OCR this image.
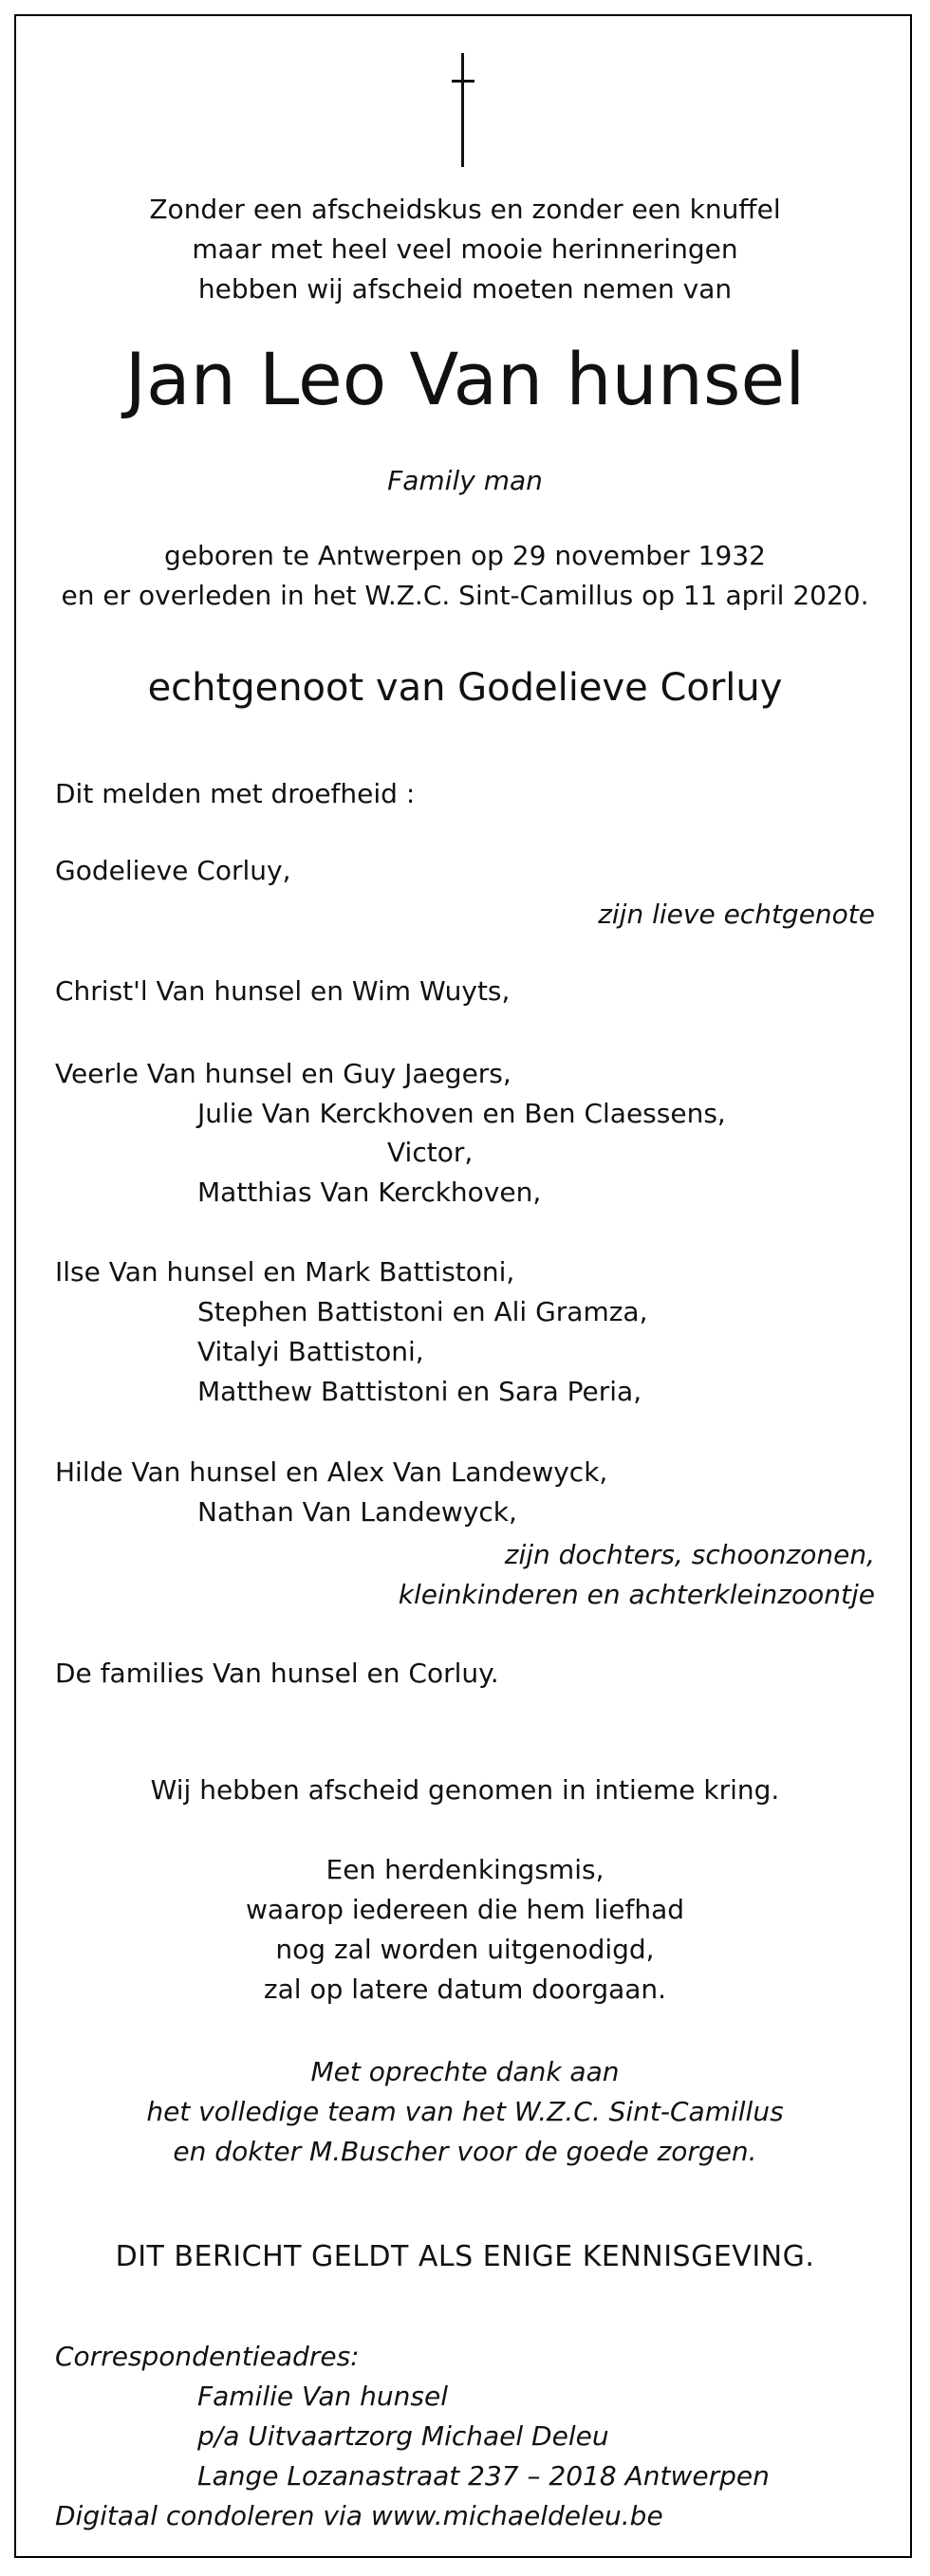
Zonder een afscheidskus en zonder een knuffel
maar met heel veel mooie herinneringen
hebben wij afscheid moeten nemen van
Jan Leo Van hunsel
Family man
geboren te Antwerpen op 29 november 1932
en er overleden in het W.Z.C. Sint-Camillus op 11 april 2020.
echtgenoot van Godelieve Corluy
Dit melden met droefheid :
Godelieve Corluy,
zijn lieve echtgenote
Christ'l Van hunsel en Wim Wuyts,
Veerle Van hunsel en Guy Jaegers,
Julie Van Kerckhoven en Ben Claessens,
Victor,
Matthias Van Kerckhoven,
Ilse Van hunsel en Mark Battistoni,
Stephen Battistoni en Ali Gramza,
Vitalyi Battistoni,
Matthew Battistoni en Sara Peria,
Hilde Van hunsel en Alex Van Landewyck,
Nathan Van Landewyck,
zijn dochters, schoonzonen,
kleinkinderen en achterkleinzoontje
De families Van hunsel en Corluy.
Wij hebben afscheid genomen in intieme kring.
Een herdenkingsmis,
waarop iedereen die hem liefhad
nog zal worden uitgenodigd,
zal op latere datum doorgaan.
Met oprechte dank aan
het volledige team van het W.Z.C. Sint-Camillus
en dokter M.Buscher voor de goede zorgen.
DIT BERICHT GELDT ALS ENIGE KENNISGEVING.
Correspondentieadres:
Familie Van hunsel
p/a Uitvaartzorg Michael Deleu
Lange Lozanastraat 237 – 2018 Antwerpen
Digitaal condoleren via www.michaeldeleu.be
